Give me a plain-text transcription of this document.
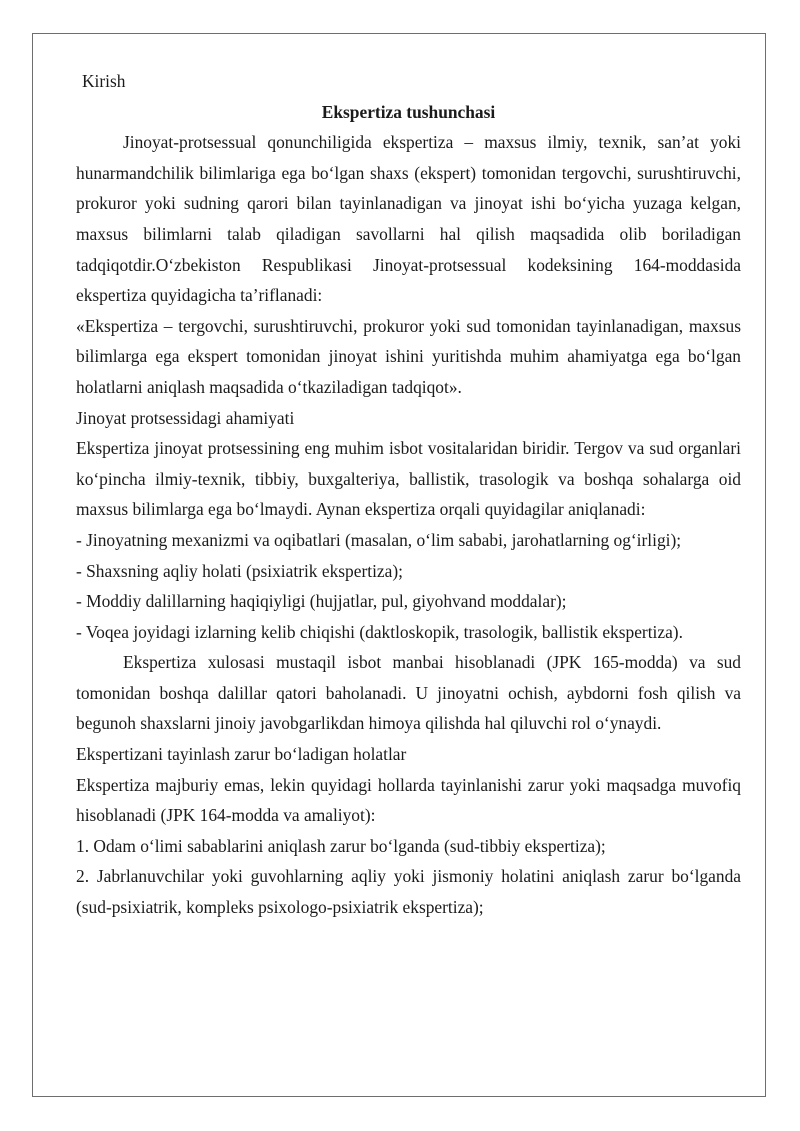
Kirish

Ekspertiza tushunchasi

Jinoyat-protsessual qonunchiligida ekspertiza – maxsus ilmiy, texnik, san’at yoki hunarmandchilik bilimlariga ega bo‘lgan shaxs (ekspert) tomonidan tergovchi, surushtiruvchi, prokuror yoki sudning qarori bilan tayinlanadigan va jinoyat ishi bo‘yicha yuzaga kelgan, maxsus bilimlarni talab qiladigan savollarni hal qilish maqsadida olib boriladigan tadqiqotdir.O‘zbekiston Respublikasi Jinoyat-protsessual kodeksining 164-moddasida ekspertiza quyidagicha ta’riflanadi:

«Ekspertiza – tergovchi, surushtiruvchi, prokuror yoki sud tomonidan tayinlanadigan, maxsus bilimlarga ega ekspert tomonidan jinoyat ishini yuritishda muhim ahamiyatga ega bo‘lgan holatlarni aniqlash maqsadida o‘tkaziladigan tadqiqot».

Jinoyat protsessidagi ahamiyati

Ekspertiza jinoyat protsessining eng muhim isbot vositalaridan biridir. Tergov va sud organlari ko‘pincha ilmiy-texnik, tibbiy, buxgalteriya, ballistik, trasologik va boshqa sohalarga oid maxsus bilimlarga ega bo‘lmaydi. Aynan ekspertiza orqali quyidagilar aniqlanadi:

- Jinoyatning mexanizmi va oqibatlari (masalan, o‘lim sababi, jarohatlarning og‘irligi);

- Shaxsning aqliy holati (psixiatrik ekspertiza);

- Moddiy dalillarning haqiqiyligi (hujjatlar, pul, giyohvand moddalar);

- Voqea joyidagi izlarning kelib chiqishi (daktloskopik, trasologik, ballistik ekspertiza).

Ekspertiza xulosasi mustaqil isbot manbai hisoblanadi (JPK 165-modda) va sud tomonidan boshqa dalillar qatori baholanadi. U jinoyatni ochish, aybdorni fosh qilish va begunoh shaxslarni jinoiy javobgarlikdan himoya qilishda hal qiluvchi rol o‘ynaydi.

Ekspertizani tayinlash zarur bo‘ladigan holatlar

Ekspertiza majburiy emas, lekin quyidagi hollarda tayinlanishi zarur yoki maqsadga muvofiq hisoblanadi (JPK 164-modda va amaliyot):

1. Odam o‘limi sabablarini aniqlash zarur bo‘lganda (sud-tibbiy ekspertiza);

2. Jabrlanuvchilar yoki guvohlarning aqliy yoki jismoniy holatini aniqlash zarur bo‘lganda (sud-psixiatrik, kompleks psixologo-psixiatrik ekspertiza);
